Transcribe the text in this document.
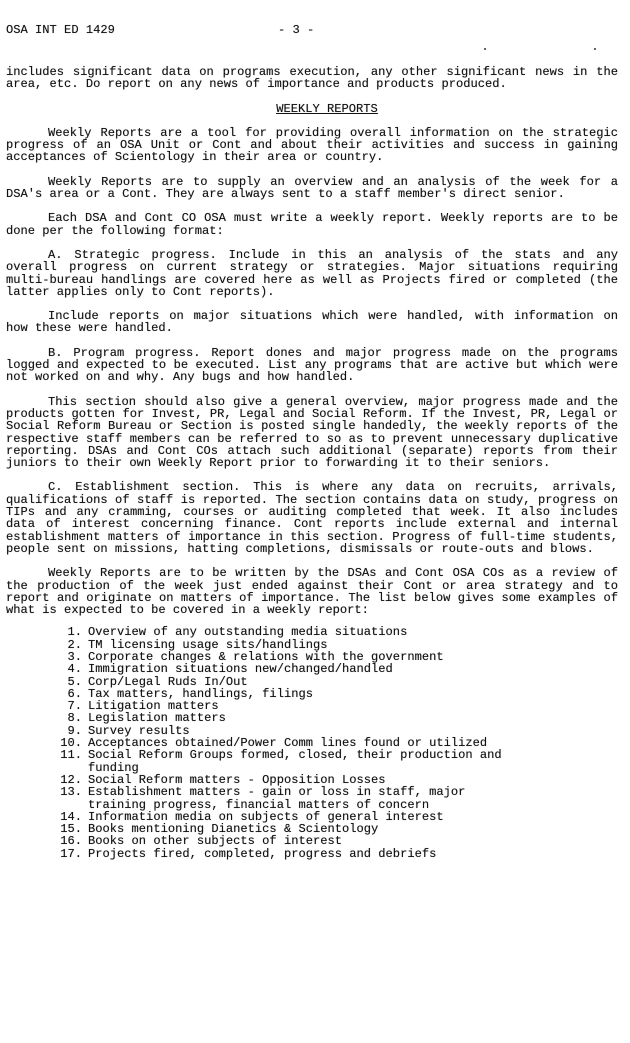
OSA INT ED 1429	- 3 -

includes significant data on programs execution, any other significant news in the area, etc. Do report on any news of importance and products produced.

WEEKLY REPORTS

Weekly Reports are a tool for providing overall information on the strategic progress of an OSA Unit or Cont and about their activities and success in gaining acceptances of Scientology in their area or country.

Weekly Reports are to supply an overview and an analysis of the week for a DSA's area or a Cont. They are always sent to a staff member's direct senior.

Each DSA and Cont CO OSA must write a weekly report. Weekly reports are to be done per the following format:

A. Strategic progress. Include in this an analysis of the stats and any overall progress on current strategy or strategies. Major situations requiring multi-bureau handlings are covered here as well as Projects fired or completed (the latter applies only to Cont reports).

Include reports on major situations which were handled, with information on how these were handled.

B. Program progress. Report dones and major progress made on the programs logged and expected to be executed. List any programs that are active but which were not worked on and why. Any bugs and how handled.

This section should also give a general overview, major progress made and the products gotten for Invest, PR, Legal and Social Reform. If the Invest, PR, Legal or Social Reform Bureau or Section is posted single handedly, the weekly reports of the respective staff members can be referred to so as to prevent unnecessary duplicative reporting. DSAs and Cont COs attach such additional (separate) reports from their juniors to their own Weekly Report prior to forwarding it to their seniors.

C. Establishment section. This is where any data on recruits, arrivals, qualifications of staff is reported. The section contains data on study, progress on TIPs and any cramming, courses or auditing completed that week. It also includes data of interest concerning finance. Cont reports include external and internal establishment matters of importance in this section. Progress of full-time students, people sent on missions, hatting completions, dismissals or route-outs and blows.

Weekly Reports are to be written by the DSAs and Cont OSA COs as a review of the production of the week just ended against their Cont or area strategy and to report and originate on matters of importance. The list below gives some examples of what is expected to be covered in a weekly report:

1. Overview of any outstanding media situations
2. TM licensing usage sits/handlings
3. Corporate changes & relations with the government
4. Immigration situations new/changed/handled
5. Corp/Legal Ruds In/Out
6. Tax matters, handlings, filings
7. Litigation matters
8. Legislation matters
9. Survey results
10. Acceptances obtained/Power Comm lines found or utilized
11. Social Reform Groups formed, closed, their production and funding
12. Social Reform matters - Opposition Losses
13. Establishment matters - gain or loss in staff, major training progress, financial matters of concern
14. Information media on subjects of general interest
15. Books mentioning Dianetics & Scientology
16. Books on other subjects of interest
17. Projects fired, completed, progress and debriefs
